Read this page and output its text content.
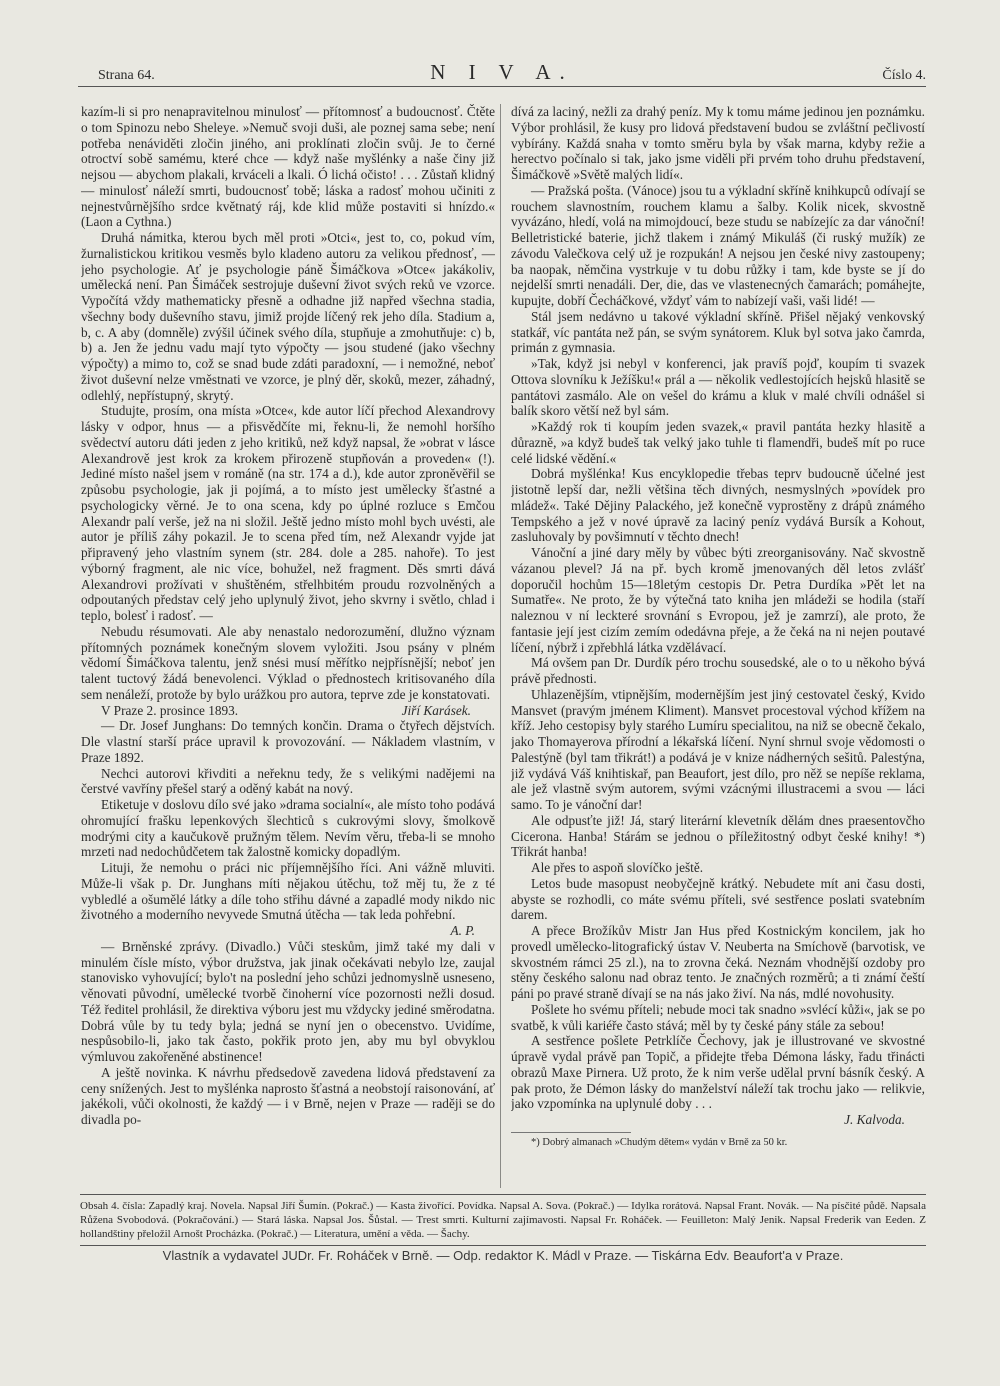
Strana 64.	N I V A.	Číslo 4.

kazím-li si pro nenapravitelnou minulosť — přítomnosť a budoucnosť. Čtěte o tom Spinozu nebo Sheleye. »Nemuč svoji duši, ale poznej sama sebe; není potřeba nenáviděti zločin jiného, ani proklínati zločin svůj. Je to černé otroctví sobě samému, které chce — když naše myšlénky a naše činy již nejsou — abychom plakali, krváceli a lkali. Ó lichá očisto! . . . Zůstaň klidný — minulosť náleží smrti, budoucnosť tobě; láska a radosť mohou učiniti z nejnestvůrnějšího srdce květnatý ráj, kde klid může postaviti si hnízdo.« (Laon a Cythna.)

Druhá námitka, kterou bych měl proti »Otci«, jest to, co, pokud vím, žurnalistickou kritikou vesměs bylo kladeno autoru za velikou přednosť, — jeho psychologie. Ať je psychologie páně Šimáčkova »Otce« jakákoliv, umělecká není. Pan Šimáček sestrojuje duševní život svých reků ve vzorce. Vypočítá vždy mathematicky přesně a odhadne již napřed všechna stadia, všechny body duševního stavu, jimiž projde líčený rek jeho díla. Stadium a, b, c. A aby (domněle) zvýšil účinek svého díla, stupňuje a zmohutňuje: c) b, b) a. Jen že jednu vadu mají tyto výpočty — jsou studené (jako všechny výpočty) a mimo to, což se snad bude zdáti paradoxní, — i nemožné, neboť život duševní nelze vměstnati ve vzorce, je plný děr, skoků, mezer, záhadný, odlehlý, nepřístupný, skrytý.

Studujte, prosím, ona místa »Otce«, kde autor líčí přechod Alexandrovy lásky v odpor, hnus — a přisvědčíte mi, řeknu-li, že nemohl horšího svědectví autoru dáti jeden z jeho kritiků, než když napsal, že »obrat v lásce Alexandrově jest krok za krokem přirozeně stupňován a proveden« (!). Jediné místo našel jsem v románě (na str. 174 a d.), kde autor zproněvěřil se způsobu psychologie, jak ji pojímá, a to místo jest umělecky šťastné a psychologicky věrné. Je to ona scena, kdy po úplné rozluce s Emčou Alexandr palí verše, jež na ni složil. Ještě jedno místo mohl bych uvésti, ale autor je příliš záhy pokazil. Je to scena před tím, než Alexandr vyjde jat připravený jeho vlastním synem (str. 284. dole a 285. nahoře). To jest výborný fragment, ale nic více, bohužel, než fragment. Děs smrti dává Alexandrovi prožívati v shuštěném, střelhbitém proudu rozvolněných a odpoutaných představ celý jeho uplynulý život, jeho skvrny i světlo, chlad i teplo, bolesť i radosť. —

Nebudu résumovati. Ale aby nenastalo nedorozumění, dlužno význam přítomných poznámek konečným slovem vyložiti. Jsou psány v plném vědomí Šimáčkova talentu, jenž snési musí měřítko nejpřísnější; neboť jen talent tuctový žádá benevolenci. Výklad o přednostech kritisovaného díla sem nenáleží, protože by bylo urážkou pro autora, teprve zde je konstatovati.

V Praze 2. prosince 1893.	Jiří Karásek.

— Dr. Josef Junghans: Do temných končin. Drama o čtyřech dějstvích. Dle vlastní starší práce upravil k provozování. — Nákladem vlastním, v Praze 1892.

Nechci autorovi křivditi a neřeknu tedy, že s velikými nadějemi na čerstvé vavříny přešel starý a oděný kabát na nový.

Etiketuje v doslovu dílo své jako »drama socialní«, ale místo toho podává ohromující frašku lepenkových šlechticů s cukrovými slovy, šmolkově modrými city a kaučukově pružným tělem. Nevím věru, třeba-li se mnoho mrzeti nad nedochůdčetem tak žalostně komicky dopadlým.

Lituji, že nemohu o práci nic příjemnějšího říci. Ani vážně mluviti. Může-li však p. Dr. Junghans míti nějakou útěchu, tož měj tu, že z té vybledlé a ošumělé látky a díle toho střihu dávné a zapadlé mody nikdo nic životného a moderního nevyvede Smutná útěcha — tak leda pohřební.

A. P.

— Brněnské zprávy. (Divadlo.) Vůči steskům, jimž také my dali v minulém čísle místo, výbor družstva, jak jinak očekávati nebylo lze, zaujal stanovisko vyhovující; bylo't na poslední jeho schůzi jednomyslně usneseno, věnovati původní, umělecké tvorbě činoherní více pozornosti nežli dosud. Též ředitel prohlásil, že direktiva výboru jest mu vždycky jediné směrodatna. Dobrá vůle by tu tedy byla; jedná se nyní jen o obecenstvo. Uvidíme, nespůsobilo-li, jako tak často, pokřik proto jen, aby mu byl obvyklou výmluvou zakořeněné abstinence!

A ještě novinka. K návrhu předsedově zavedena lidová představení za ceny snížených. Jest to myšlénka naprosto šťastná a neobstojí raisonování, ať jakékoli, vůči okolnosti, že každý — i v Brně, nejen v Praze — raději se do divadla po-

dívá za laciný, nežli za drahý peníz. My k tomu máme jedinou jen poznámku. Výbor prohlásil, že kusy pro lidová představení budou se zvláštní pečlivostí vybírány. Každá snaha v tomto směru byla by však marna, kdyby režie a herectvo počínalo si tak, jako jsme viděli při prvém toho druhu představení, Šimáčkově »Světě malých lidí«.

— Pražská pošta. (Vánoce) jsou tu a výkladní skříně knihkupců odívají se rouchem slavnostním, rouchem klamu a šalby. Kolik nicek, skvostně vyvázáno, hledí, volá na mimojdoucí, beze studu se nabízejíc za dar vánoční! Belletristické baterie, jichž tlakem i známý Mikuláš (či ruský mužík) ze závodu Valečkova celý už je rozpukán! A nejsou jen české nivy zastoupeny; ba naopak, němčina vystrkuje v tu dobu růžky i tam, kde byste se jí do nejdelší smrti nenadáli. Der, die, das ve vlastenecných čamarách; pomáhejte, kupujte, dobří Čecháčkové, vždyť vám to nabízejí vaši, vaši lidé! —

Stál jsem nedávno u takové výkladní skříně. Přišel nějaký venkovský statkář, víc pantáta než pán, se svým synátorem. Kluk byl sotva jako čamrda, primán z gymnasia.

»Tak, když jsi nebyl v konferenci, jak pravíš pojď, koupím ti svazek Ottova slovníku k Ježíšku!« prál a — několik vedlestojících hejsků hlasitě se pantátovi zasmálo. Ale on vešel do krámu a kluk v malé chvíli odnášel si balík skoro větší než byl sám.

»Každý rok ti koupím jeden svazek,« pravil pantáta hezky hlasitě a důrazně, »a když budeš tak velký jako tuhle ti flamendři, budeš mít po ruce celé lidské vědění.«

Dobrá myšlénka! Kus encyklopedie třebas teprv budoucně účelné jest jistotně lepší dar, nežli většina těch divných, nesmyslných »povídek pro mládež«. Také Dějiny Palackého, jež konečně vyprostěny z drápů známého Tempského a jež v nové úpravě za laciný peníz vydává Bursík a Kohout, zasluhovaly by povšimnutí v těchto dnech!

Vánoční a jiné dary měly by vůbec býti zreorganisovány. Nač skvostně vázanou plevel? Já na př. bych kromě jmenovaných děl letos zvlášť doporučil hochům 15—18letým cestopis Dr. Petra Durdíka »Pět let na Sumatře«. Ne proto, že by výtečná tato kniha jen mládeži se hodila (staří naleznou v ní leckteré srovnání s Evropou, jež je zamrzí), ale proto, že fantasie její jest cizím zemím odedávna přeje, a že čeká na ni nejen poutavé líčení, nýbrž i zpřebhlá látka vzdělávací.

Má ovšem pan Dr. Durdík péro trochu sousedské, ale o to u někoho bývá právě přednosti.

Uhlazenějším, vtipnějším, modernějším jest jiný cestovatel český, Kvido Mansvet (pravým jménem Kliment). Mansvet procestoval východ křížem na kříž. Jeho cestopisy byly starého Lumíru specialitou, na niž se obecně čekalo, jako Thomayerova přírodní a lékařská líčení. Nyní shrnul svoje vědomosti o Palestýně (byl tam třikrát!) a podává je v knize nádherných sešitů. Palestýna, již vydává Váš knihtiskař, pan Beaufort, jest dílo, pro něž se nepíše reklama, ale jež vlastně svým autorem, svými vzácnými illustracemi a svou — láci samo. To je vánoční dar!

Ale odpusťte již! Já, starý literární klevetník dělám dnes praesentovčho Cicerona. Hanba! Stárám se jednou o příležitostný odbyt české knihy! *) Třikrát hanba!

Ale přes to aspoň slovíčko ještě.

Letos bude masopust neobyčejně krátký. Nebudete mít ani času dosti, abyste se rozhodli, co máte svému příteli, své sestřence poslati svatebním darem.

A přece Brožíkův Mistr Jan Hus před Kostnickým koncilem, jak ho provedl umělecko-litografický ústav V. Neuberta na Smíchově (barvotisk, ve skvostném rámci 25 zl.), na to zrovna čeká. Neznám vhodnější ozdoby pro stěny českého salonu nad obraz tento. Je značných rozměrů; a ti známí čeští páni po pravé straně dívají se na nás jako živí. Na nás, mdlé novohusity.

Pošlete ho svému příteli; nebude moci tak snadno »svlécí kůži«, jak se po svatbě, k vůli kariéře často stává; měl by ty české pány stále za sebou!

A sestřence pošlete Petrklíče Čechovy, jak je illustrované ve skvostné úpravě vydal právě pan Topič, a přidejte třeba Démona lásky, řadu třinácti obrazů Maxe Pirnera. Už proto, že k nim verše udělal první básník český. A pak proto, že Démon lásky do manželství náleží tak trochu jako — relikvie, jako vzpomínka na uplynulé doby . . .

J. Kalvoda.

*) Dobrý almanach »Chudým dětem« vydán v Brně za 50 kr.

Obsah 4. čísla: Zapadlý kraj. Novela. Napsal Jiří Šumín. (Pokrač.) — Kasta živořící. Povídka. Napsal A. Sova. (Pokrač.) — Idylka rorátová. Napsal Frant. Novák. — Na písčité půdě. Napsala Růžena Svobodová. (Pokračování.) — Stará láska. Napsal Jos. Šůstal. — Trest smrti. Kulturní zajímavosti. Napsal Fr. Roháček. — Feuilleton: Malý Jenik. Napsal Frederik van Eeden. Z hollandštiny přeložil Arnošt Procházka. (Pokrač.) — Literatura, umění a věda. — Šachy.
Vlastník a vydavatel JUDr. Fr. Roháček v Brně. — Odp. redaktor K. Mádl v Praze. — Tiskárna Edv. Beaufort'a v Praze.
